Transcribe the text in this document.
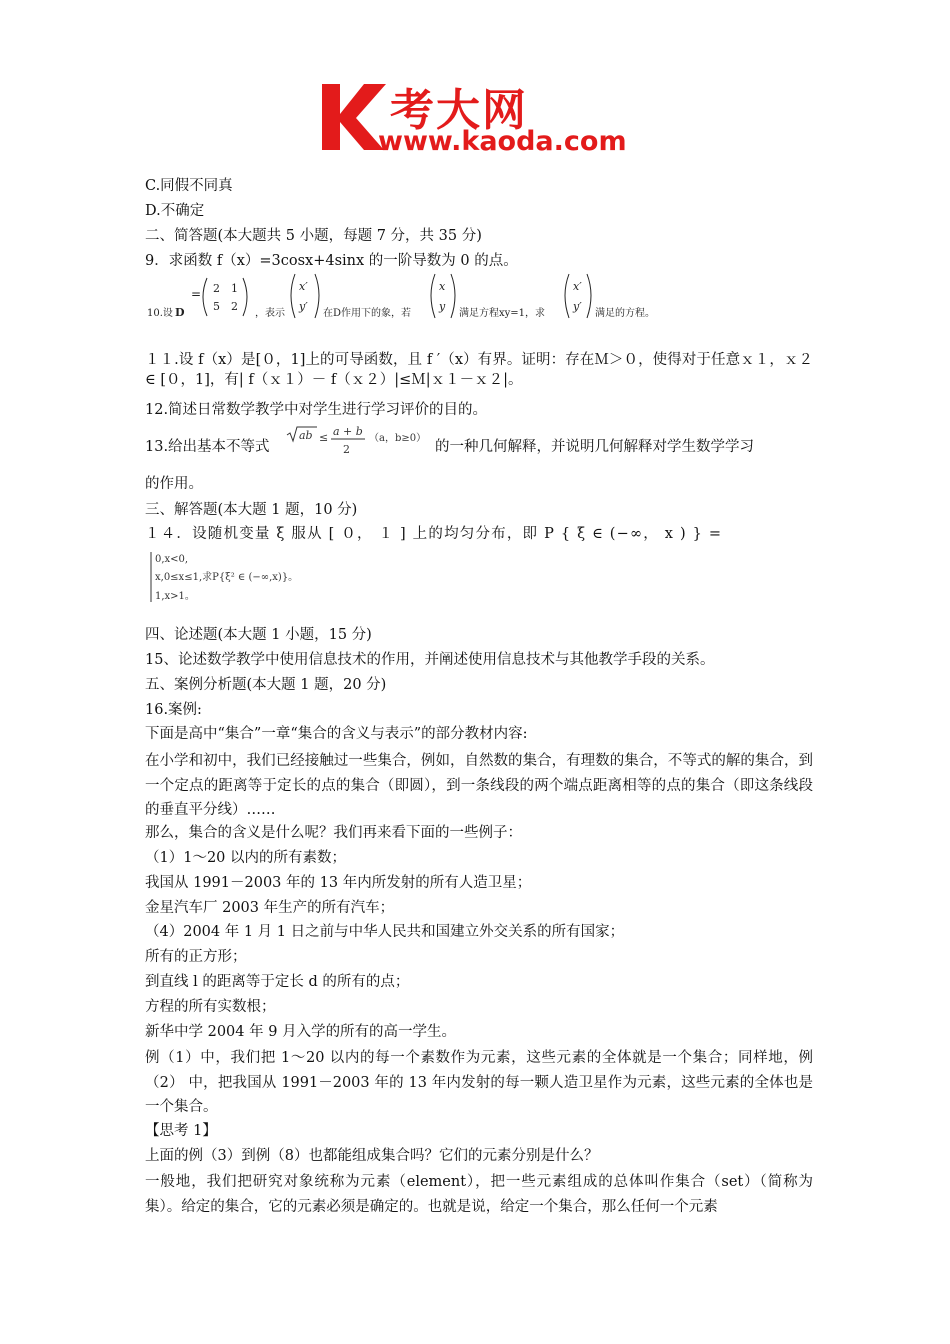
考大网
www.kaoda.com
C.同假不同真
D.不确定
二、简答题(本大题共 5 小题，每题 7 分，共 35 分)
9．求函数 f（x）=3cosx+4sinx 的一阶导数为 0 的点。
10.设 D
= 2 1
5 2
，表示
x′
y′
在D作用下的象，若
x
y
满足方程xy=1，求
x′
y′
满足的方程。
１１.设 f（x）是[０，1]上的可导函数，且 f ′（x）有界。证明：存在Ｍ＞０，使得对于任意ｘ１，ｘ２∈ [０，1]，有| f（ｘ１）－ f（ｘ２）|≤Ｍ|ｘ１－ｘ２|。
12.简述日常数学教学中对学生进行学习评价的目的。
13.给出基本不等式
ab ≤ a + b
2
（a，b≥0）
的一种几何解释，并说明几何解释对学生数学学习
的作用。
三、解答题(本大题 1 题，10 分)
１４．设随机变量 ξ 服从 [ ０， １ ] 上的均匀分布，即 P { ξ ∈ (−∞， x ) } =
0,x<0,
x,0≤x≤1,求P{ξ² ∈ (−∞,x)}。
1,x>1。
四、论述题(本大题 1 小题，15 分)
15、论述数学教学中使用信息技术的作用，并阐述使用信息技术与其他教学手段的关系。
五、案例分析题(本大题 1 题，20 分)
16.案例:
下面是高中“集合”一章“集合的含义与表示”的部分教材内容:
在小学和初中，我们已经接触过一些集合，例如，自然数的集合，有理数的集合，不等式的解的集合，到一个定点的距离等于定长的点的集合（即圆），到一条线段的两个端点距离相等的点的集合（即这条线段的垂直平分线）……
那么，集合的含义是什么呢？我们再来看下面的一些例子：
（1）1～20 以内的所有素数；
我国从 1991－2003 年的 13 年内所发射的所有人造卫星；
金星汽车厂 2003 年生产的所有汽车；
（4）2004 年 1 月 1 日之前与中华人民共和国建立外交关系的所有国家；
所有的正方形；
到直线 l 的距离等于定长 d 的所有的点；
方程的所有实数根；
新华中学 2004 年 9 月入学的所有的高一学生。
例（1）中，我们把 1～20 以内的每一个素数作为元素，这些元素的全体就是一个集合；同样地，例（2） 中，把我国从 1991－2003 年的 13 年内发射的每一颗人造卫星作为元素，这些元素的全体也是一个集合。
【思考 1】
上面的例（3）到例（8）也都能组成集合吗？它们的元素分别是什么？
一般地，我们把研究对象统称为元素（element），把一些元素组成的总体叫作集合（set）（简称为集）。给定的集合，它的元素必须是确定的。也就是说，给定一个集合，那么任何一个元素
